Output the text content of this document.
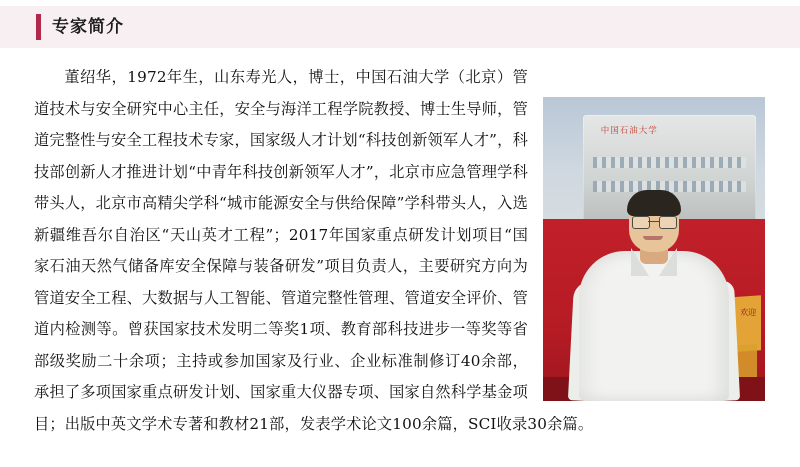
专家简介
中国石油大学
欢迎

董绍华，1972年生，山东寿光人，博士，中国石油大学（北京）管道技术与安全研究中心主任，安全与海洋工程学院教授、博士生导师，管道完整性与安全工程技术专家，国家级人才计划“科技创新领军人才”，科技部创新人才推进计划“中青年科技创新领军人才”，北京市应急管理学科带头人，北京市高精尖学科“城市能源安全与供给保障”学科带头人，入选新疆维吾尔自治区“天山英才工程”；2017年国家重点研发计划项目“国家石油天然气储备库安全保障与装备研发”项目负责人，主要研究方向为管道安全工程、大数据与人工智能、管道完整性管理、管道安全评价、管道内检测等。曾获国家技术发明二等奖1项、教育部科技进步一等奖等省部级奖励二十余项；主持或参加国家及行业、企业标准制修订40余部，承担了多项国家重点研发计划、国家重大仪器专项、国家自然科学基金项目；出版中英文学术专著和教材21部，发表学术论文100余篇，SCI收录30余篇。
